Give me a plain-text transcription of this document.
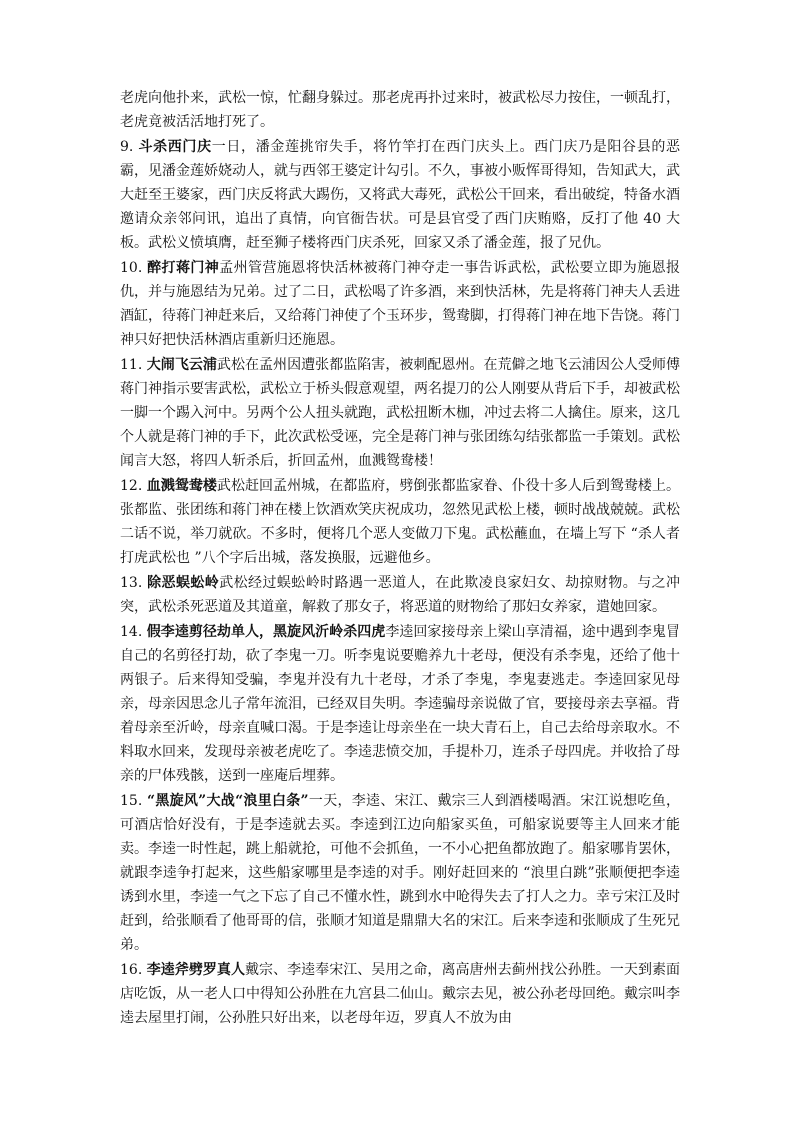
老虎向他扑来，武松一惊，忙翻身躲过。那老虎再扑过来时，被武松尽力按住，一顿乱打，老虎竟被活活地打死了。

9. 斗杀西门庆一日，潘金莲挑帘失手，将竹竿打在西门庆头上。西门庆乃是阳谷县的恶霸，见潘金莲娇娆动人，就与西邻王婆定计勾引。不久，事被小贩恽哥得知，告知武大，武大赶至王婆家，西门庆反将武大踢伤，又将武大毒死，武松公干回来，看出破绽，特备水酒邀请众亲邻问讯，追出了真情，向官衙告状。可是县官受了西门庆贿赂，反打了他 40 大板。武松义愤填膺，赶至狮子楼将西门庆杀死，回家又杀了潘金莲，报了兄仇。

10. 醉打蒋门神孟州管营施恩将快活林被蒋门神夺走一事告诉武松，武松要立即为施恩报仇，并与施恩结为兄弟。过了二日，武松喝了许多酒，来到快活林，先是将蒋门神夫人丢进酒缸，待蒋门神赶来后，又给蒋门神使了个玉环步，鸳鸯脚，打得蒋门神在地下告饶。蒋门神只好把快活林酒店重新归还施恩。

11. 大闹飞云浦武松在孟州因遭张都监陷害，被刺配恩州。在荒僻之地飞云浦因公人受师傅蒋门神指示要害武松，武松立于桥头假意观望，两名提刀的公人刚要从背后下手，却被武松一脚一个踢入河中。另两个公人扭头就跑，武松扭断木枷，冲过去将二人擒住。原来，这几个人就是蒋门神的手下，此次武松受诬，完全是蒋门神与张团练勾结张都监一手策划。武松闻言大怒，将四人斩杀后，折回孟州，血溅鸳鸯楼！

12. 血溅鸳鸯楼武松赶回孟州城，在都监府，劈倒张都监家眷、仆役十多人后到鸳鸯楼上。张都监、张团练和蒋门神在楼上饮酒欢笑庆祝成功，忽然见武松上楼，顿时战战兢兢。武松二话不说，举刀就砍。不多时，便将几个恶人变做刀下鬼。武松蘸血，在墙上写下 “杀人者打虎武松也 ”八个字后出城，落发换服，远避他乡。

13. 除恶蜈蚣岭武松经过蜈蚣岭时路遇一恶道人，在此欺凌良家妇女、劫掠财物。与之冲突，武松杀死恶道及其道童，解救了那女子，将恶道的财物给了那妇女养家，遣她回家。

14. 假李逵剪径劫单人，黑旋风沂岭杀四虎李逵回家接母亲上梁山享清福，途中遇到李鬼冒自己的名剪径打劫，砍了李鬼一刀。听李鬼说要赡养九十老母，便没有杀李鬼，还给了他十两银子。后来得知受骗，李鬼并没有九十老母，才杀了李鬼，李鬼妻逃走。李逵回家见母亲，母亲因思念儿子常年流泪，已经双目失明。李逵骗母亲说做了官，要接母亲去享福。背着母亲至沂岭，母亲直喊口渴。于是李逵让母亲坐在一块大青石上，自己去给母亲取水。不料取水回来，发现母亲被老虎吃了。李逵悲愤交加，手提朴刀，连杀子母四虎。并收拾了母亲的尸体残骸，送到一座庵后埋葬。

15. “黑旋风”大战“浪里白条”一天，李逵、宋江、戴宗三人到酒楼喝酒。宋江说想吃鱼，可酒店恰好没有，于是李逵就去买。李逵到江边向船家买鱼，可船家说要等主人回来才能卖。李逵一时性起，跳上船就抢，可他不会抓鱼，一不小心把鱼都放跑了。船家哪肯罢休，就跟李逵争打起来，这些船家哪里是李逵的对手。刚好赶回来的 “浪里白跳”张顺便把李逵诱到水里，李逵一气之下忘了自己不懂水性，跳到水中呛得失去了打人之力。幸亏宋江及时赶到，给张顺看了他哥哥的信，张顺才知道是鼎鼎大名的宋江。后来李逵和张顺成了生死兄弟。

16. 李逵斧劈罗真人戴宗、李逵奉宋江、吴用之命，离高唐州去蓟州找公孙胜。一天到素面店吃饭，从一老人口中得知公孙胜在九宫县二仙山。戴宗去见，被公孙老母回绝。戴宗叫李逵去屋里打闹，公孙胜只好出来，以老母年迈，罗真人不放为由
